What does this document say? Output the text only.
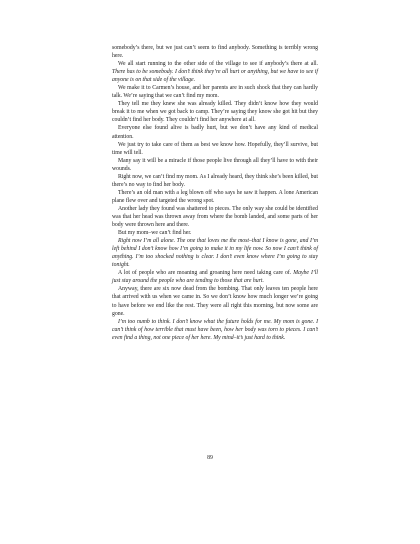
somebody’s there, but we just can’t seem to find anybody. Something is terribly wrong here.

We all start running to the other side of the village to see if anybody’s there at all. There has to be somebody. I don’t think they’re all hurt or anything, but we have to see if anyone is on that side of the village.

We make it to Carmen’s house, and her parents are in such shock that they can hardly talk. We’re saying that we can’t find my mom.

They tell me they knew she was already killed. They didn’t know how they would break it to me when we got back to camp. They’re saying they know she got hit but they couldn’t find her body. They couldn’t find her anywhere at all.

Everyone else found alive is badly hurt, but we don’t have any kind of medical attention.

We just try to take care of them as best we know how. Hopefully, they’ll survive, but time will tell.

Many say it will be a miracle if those people live through all they’ll have to with their wounds.

Right now, we can’t find my mom. As I already heard, they think she’s been killed, but there’s no way to find her body.

There’s an old man with a leg blown off who says he saw it happen. A lone American plane flew over and targeted the wrong spot.

Another lady they found was shattered to pieces. The only way she could be identified was that her head was thrown away from where the bomb landed, and some parts of her body were thrown here and there.

But my mom–we can’t find her.

Right now I’m all alone. The one that loves me the most–that I know is gone, and I’m left behind I don’t know how I’m going to make it in my life now. So now I can’t think of anything. I’m too shocked nothing is clear. I don’t even know where I’m going to stay tonight.

A lot of people who are moaning and groaning here need taking care of. Maybe I’ll just stay around the people who are tending to those that are hurt.

Anyway, there are six now dead from the bombing. That only leaves ten people here that arrived with us when we came in. So we don’t know how much longer we’re going to have before we end like the rest. They were all right this morning, but now some are gone.

I’m too numb to think. I don’t know what the future holds for me. My mom is gone. I can’t think of how terrible that must have been, how her body was torn to pieces. I can’t even find a thing, not one piece of her here. My mind–it’s just hard to think.

89
